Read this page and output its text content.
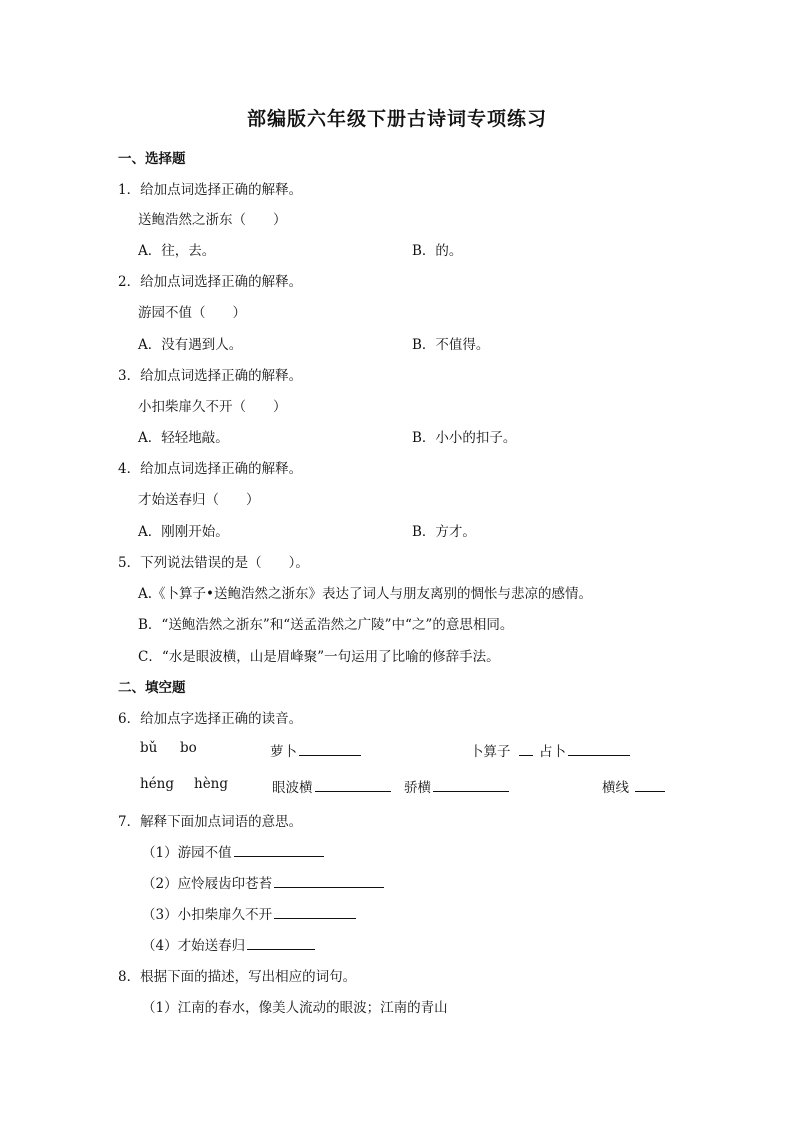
部编版六年级下册古诗词专项练习
一、选择题
1．给加点词选择正确的解释。
送鲍浩然之浙东（　　）
A．往，去。	B．的。
2．给加点词选择正确的解释。
游园不值（　　）
A．没有遇到人。	B．不值得。
3．给加点词选择正确的解释。
小扣柴扉久不开（　　）
A．轻轻地敲。	B．小小的扣子。
4．给加点词选择正确的解释。
才始送春归（　　）
A．刚刚开始。	B．方才。
5．下列说法错误的是（　　）。
A.《卜算子•送鲍浩然之浙东》表达了词人与朋友离别的惆怅与悲凉的感情。
B．“送鲍浩然之浙东”和“送孟浩然之广陵”中“之”的意思相同。
C．“水是眼波横，山是眉峰聚”一句运用了比喻的修辞手法。
二、填空题
6．给加点字选择正确的读音。
bǔ bo	萝卜	卜算子	占卜
héng hèng	眼波横	骄横	横线
7．解释下面加点词语的意思。
（1）游园不值
（2）应怜屐齿印苍苔
（3）小扣柴扉久不开
（4）才始送春归
8．根据下面的描述，写出相应的词句。
（1）江南的春水，像美人流动的眼波；江南的青山
